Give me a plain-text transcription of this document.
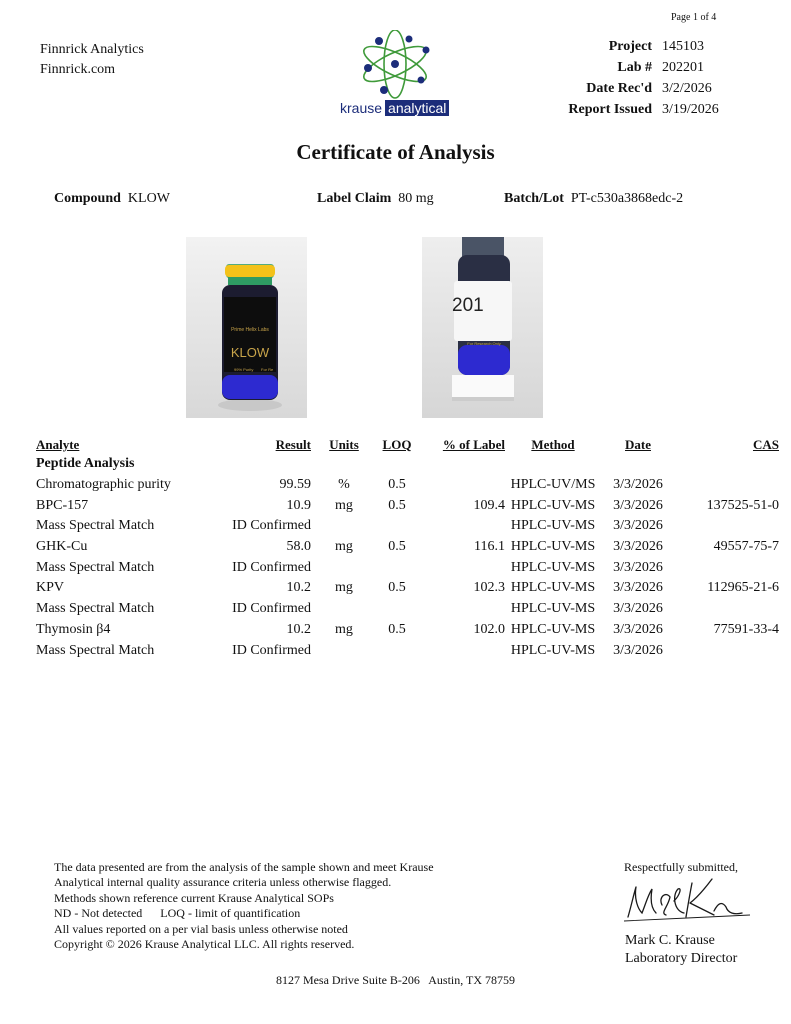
Page 1 of 4
Finnrick Analytics
Finnrick.com
krause analytical
Project 145103
Lab # 202201
Date Rec'd 3/2/2026
Report Issued 3/19/2026
Certificate of Analysis
Compound KLOW	Label Claim 80 mg	Batch/Lot PT-c530a3868edc-2
Prime Helix Labs
KLOW
99% Purity For Re
201
For Research Only
Analyte	Result	Units	LOQ	% of Label	Method	Date	CAS
Peptide Analysis							
Chromatographic purity	99.59	%	0.5		HPLC-UV/MS	3/3/2026	
BPC-157	10.9	mg	0.5	109.4	HPLC-UV-MS	3/3/2026	137525-51-0
Mass Spectral Match	ID Confirmed				HPLC-UV-MS	3/3/2026	
GHK-Cu	58.0	mg	0.5	116.1	HPLC-UV-MS	3/3/2026	49557-75-7
Mass Spectral Match	ID Confirmed				HPLC-UV-MS	3/3/2026	
KPV	10.2	mg	0.5	102.3	HPLC-UV-MS	3/3/2026	112965-21-6
Mass Spectral Match	ID Confirmed				HPLC-UV-MS	3/3/2026	
Thymosin β4	10.2	mg	0.5	102.0	HPLC-UV-MS	3/3/2026	77591-33-4
Mass Spectral Match	ID Confirmed				HPLC-UV-MS	3/3/2026	
The data presented are from the analysis of the sample shown and meet Krause
Analytical internal quality assurance criteria unless otherwise flagged.
Methods shown reference current Krause Analytical SOPs
ND - Not detected      LOQ - limit of quantification
All values reported on a per vial basis unless otherwise noted
Copyright © 2026 Krause Analytical LLC. All rights reserved.
Respectfully submitted,
Mark C. Krause
Laboratory Director
8127 Mesa Drive Suite B-206   Austin, TX 78759
